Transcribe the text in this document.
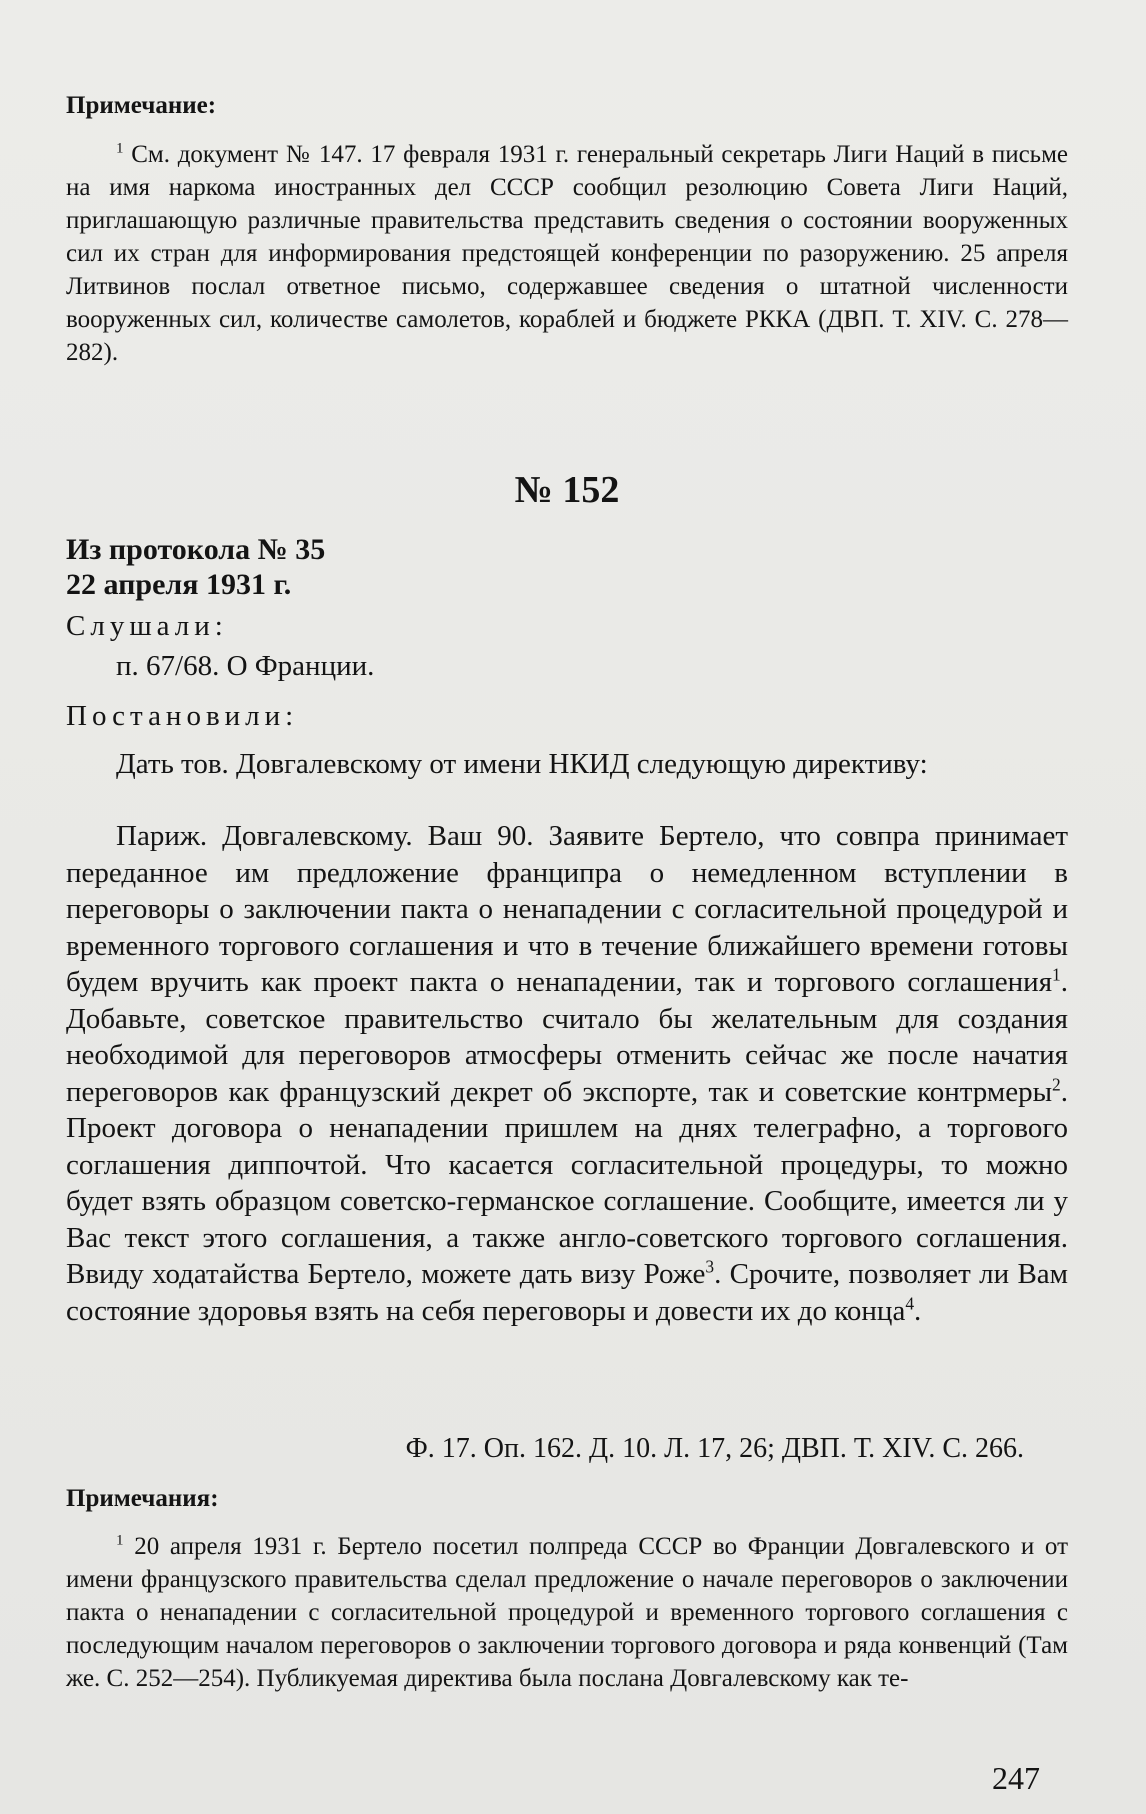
Примечание:
$^1$ См. документ № 147. 17 февраля 1931 г. генеральный секретарь Лиги Наций в письме на имя наркома иностранных дел СССР сообщил резолюцию Совета Лиги Наций, приглашающую различные правительства представить сведения о состоянии вооруженных сил их стран для информирования предстоящей конференции по разоружению. 25 апреля Литвинов послал ответное письмо, содержавшее сведения о штатной численности вооруженных сил, количестве самолетов, кораблей и бюджете РККА (ДВП. Т. XIV. С. 278—282).
№ 152
Из протокола № 35
22 апреля 1931 г.
Слушали:
п. 67/68. О Франции.
Постановили:
Дать тов. Довгалевскому от имени НКИД следующую директиву:
Париж. Довгалевскому. Ваш 90. Заявите Бертело, что совпра принимает переданное им предложение франципра о немедленном вступлении в переговоры о заключении пакта о ненападении с согласительной процедурой и временного торгового соглашения и что в течение ближайшего времени готовы будем вручить как проект пакта о ненападении, так и торгового соглашения$^1$. Добавьте, советское правительство считало бы желательным для создания необходимой для переговоров атмосферы отменить сейчас же после начатия переговоров как французский декрет об экспорте, так и советские контрмеры$^2$. Проект договора о ненападении пришлем на днях телеграфно, а торгового соглашения диппочтой. Что касается согласительной процедуры, то можно будет взять образцом советско-германское соглашение. Сообщите, имеется ли у Вас текст этого соглашения, а также англо-советского торгового соглашения. Ввиду ходатайства Бертело, можете дать визу Роже$^3$. Срочите, позволяет ли Вам состояние здоровья взять на себя переговоры и довести их до конца$^4$.
Ф. 17. Оп. 162. Д. 10. Л. 17, 26; ДВП. Т. XIV. С. 266.
Примечания:
$^1$ 20 апреля 1931 г. Бертело посетил полпреда СССР во Франции Довгалевского и от имени французского правительства сделал предложение о начале переговоров о заключении пакта о ненападении с согласительной процедурой и временного торгового соглашения с последующим началом переговоров о заключении торгового договора и ряда конвенций (Там же. С. 252—254). Публикуемая директива была послана Довгалевскому как те-
247
